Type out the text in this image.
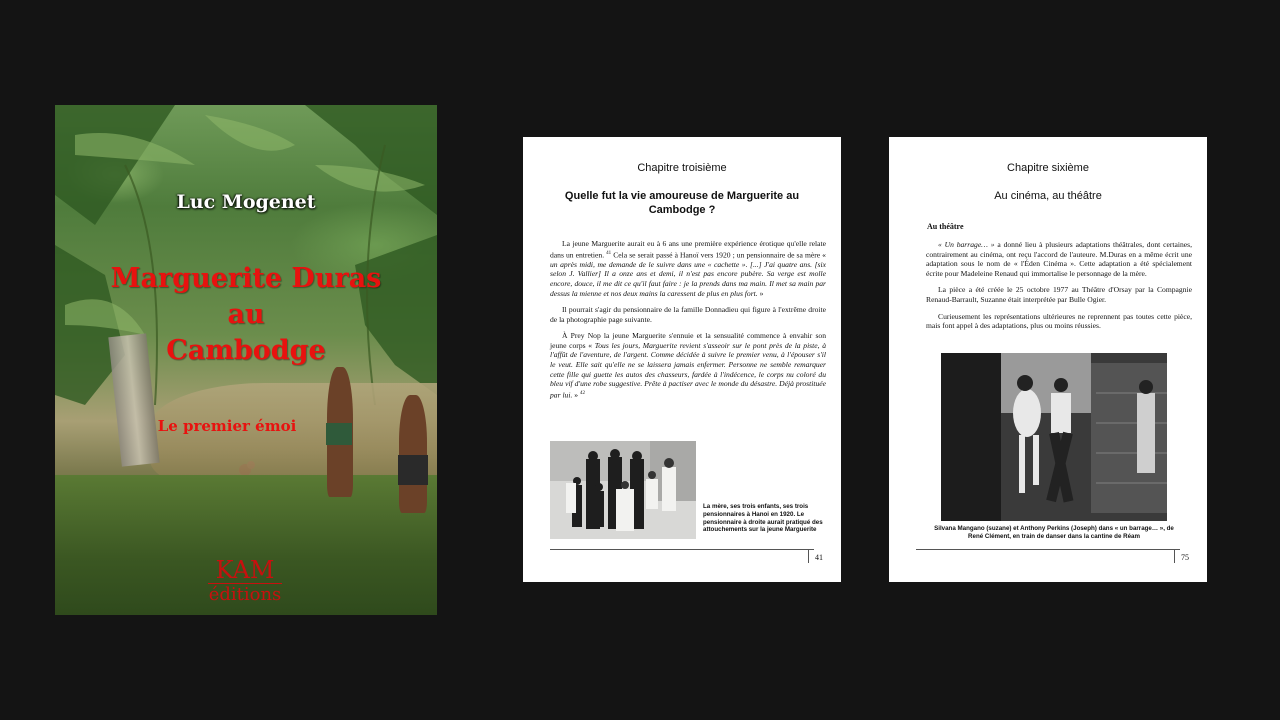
Luc Mogenet
Marguerite Duras
au
Cambodge
Le premier émoi
KAM
éditions
Chapitre troisième
Quelle fut la vie amoureuse de Marguerite au Cambodge ?

La jeune Marguerite aurait eu à 6 ans une première expérience érotique qu'elle relate dans un entretien. $^{41}$ Cela se serait passé à Hanoï vers 1920 ; un pensionnaire de sa mère « un après midi, me demande de le suivre dans une « cachette ». [...] J'ai quatre ans. [six selon J. Vallier] Il a onze ans et demi, il n'est pas encore pubère. Sa verge est molle encore, douce, il me dit ce qu'il faut faire : je la prends dans ma main. Il met sa main par dessus la mienne et nos deux mains la caressent de plus en plus fort. »

Il pourrait s'agir du pensionnaire de la famille Donnadieu qui figure à l'extrême droite de la photographie page suivante.

À Prey Nop la jeune Marguerite s'ennuie et la sensualité commence à envahir son jeune corps « Tous les jours, Marguerite revient s'asseoir sur le pont près de la piste, à l'affût de l'aventure, de l'argent. Comme décidée à suivre le premier venu, à l'épouser s'il le veut. Elle sait qu'elle ne se laissera jamais enfermer. Personne ne semble remarquer cette fille qui guette les autos des chasseurs, fardée à l'indécence, le corps nu coloré du bleu vif d'une robe suggestive. Prête à pactiser avec le monde du désastre. Déjà prostituée par lui. » $^{42}$

La mère, ses trois enfants, ses trois pensionnaires à Hanoi en 1920. Le pensionnaire à droite aurait pratiqué des attouchements sur la jeune Marguerite
41
Chapitre sixième
Au cinéma, au théâtre
Au théâtre

« Un barrage… » a donné lieu à plusieurs adaptations théâtrales, dont certaines, contrairement au cinéma, ont reçu l'accord de l'auteure. M.Duras en a même écrit une adaptation sous le nom de « l'Éden Cinéma ». Cette adaptation a été spécialement écrite pour Madeleine Renaud qui immortalise le personnage de la mère.

La pièce a été créée le 25 octobre 1977 au Théâtre d'Orsay par la Compagnie Renaud-Barrault, Suzanne était interprétée par Bulle Ogier.

Curieusement les représentations ultérieures ne reprennent pas toutes cette pièce, mais font appel à des adaptations, plus ou moins réussies.

Silvana Mangano (suzane) et Anthony Perkins (Joseph) dans « un barrage… », de René Clément, en train de danser dans la cantine de Réam
75
